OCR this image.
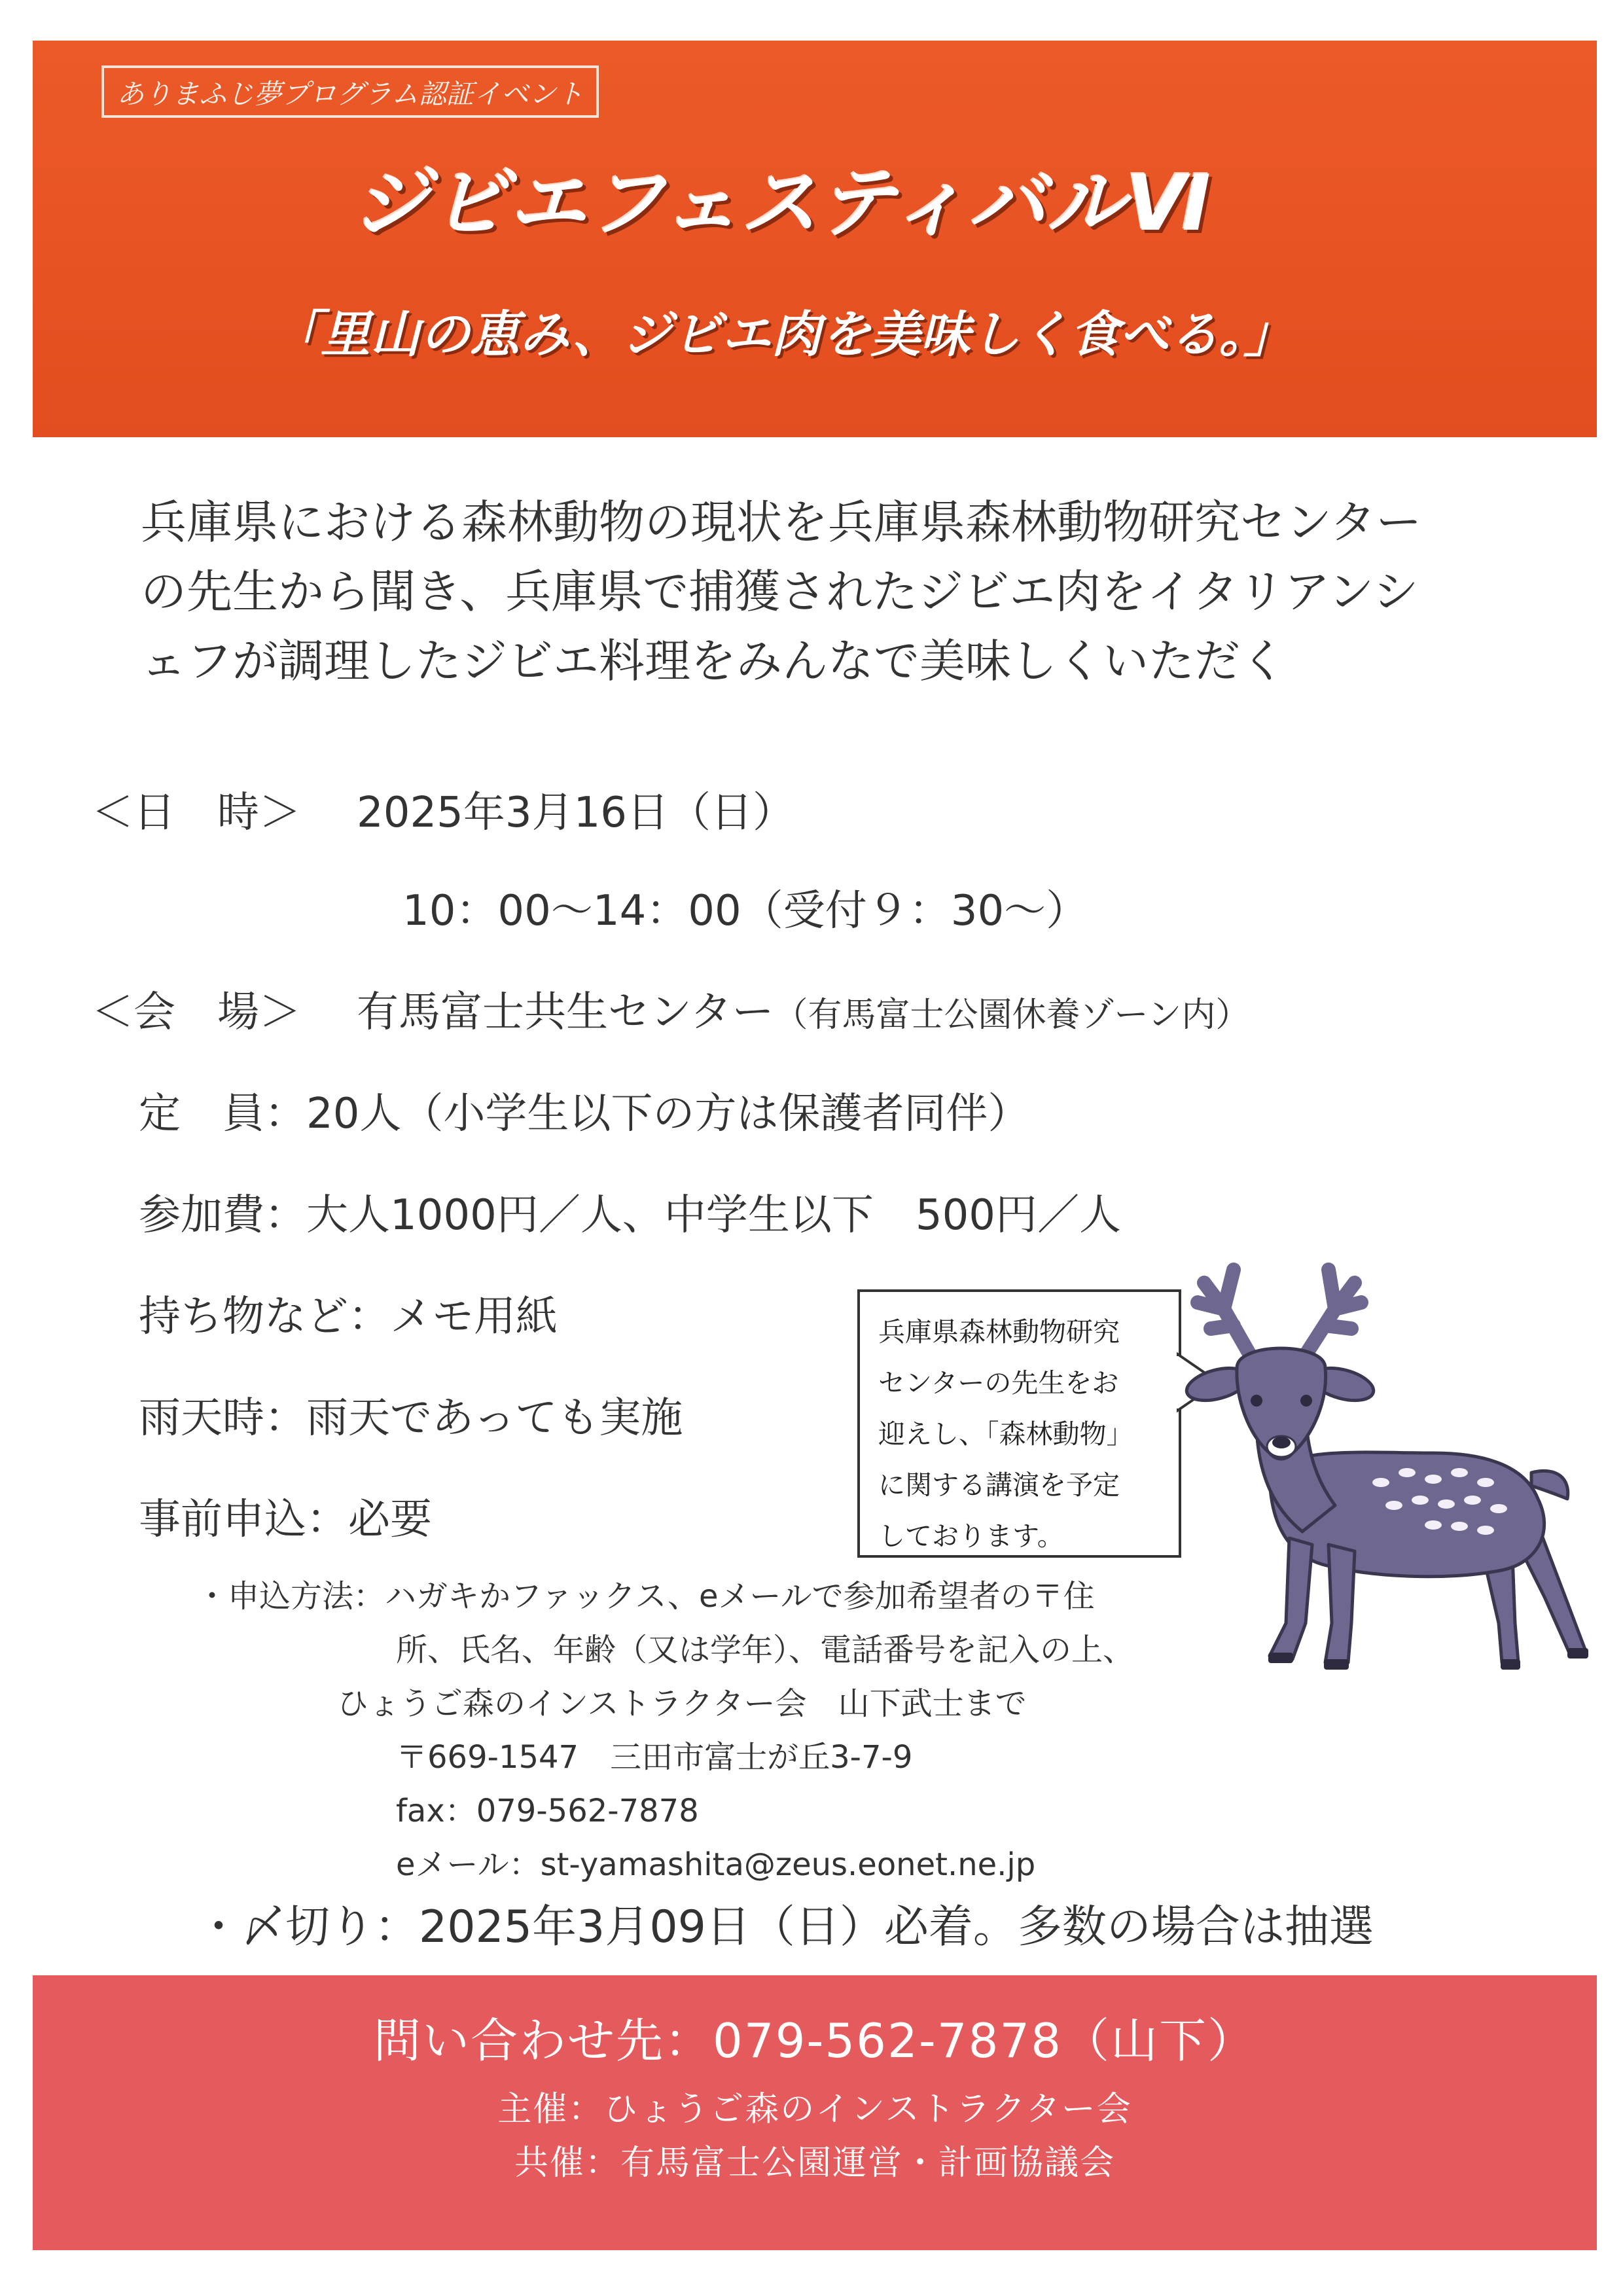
ありまふじ夢プログラム認証イベント
ジビエフェスティバルⅥ
「里山の恵み、ジビエ肉を美味しく食べる。」

兵庫県における森林動物の現状を兵庫県森林動物研究センター

の先生から聞き、兵庫県で捕獲されたジビエ肉をイタリアンシ

ェフが調理したジビエ料理をみんなで美味しくいただく

＜日　時＞ 2025年3月16日（日）
10：00～14：00（受付９：30～）
＜会　場＞ 有馬富士共生センター（有馬富士公園休養ゾーン内）
定　員：20人（小学生以下の方は保護者同伴）
参加費：大人1000円／人、中学生以下　500円／人
持ち物など：メモ用紙
雨天時：雨天であっても実施
事前申込：必要
・申込方法：ハガキかファックス、eメールで参加希望者の〒住
所、氏名、年齢（又は学年）、電話番号を記入の上、
ひょうご森のインストラクター会　山下武士まで
〒669-1547　三田市富士が丘3-7-9
fax：079-562-7878
eメール：st-yamashita@zeus.eonet.ne.jp
・〆切り：2025年3月09日（日）必着。多数の場合は抽選

兵庫県森林動物研究

センターの先生をお

迎えし、「森林動物」

に関する講演を予定

しております。

問い合わせ先：079-562-7878（山下）
主催：ひょうご森のインストラクター会
共催：有馬富士公園運営・計画協議会
